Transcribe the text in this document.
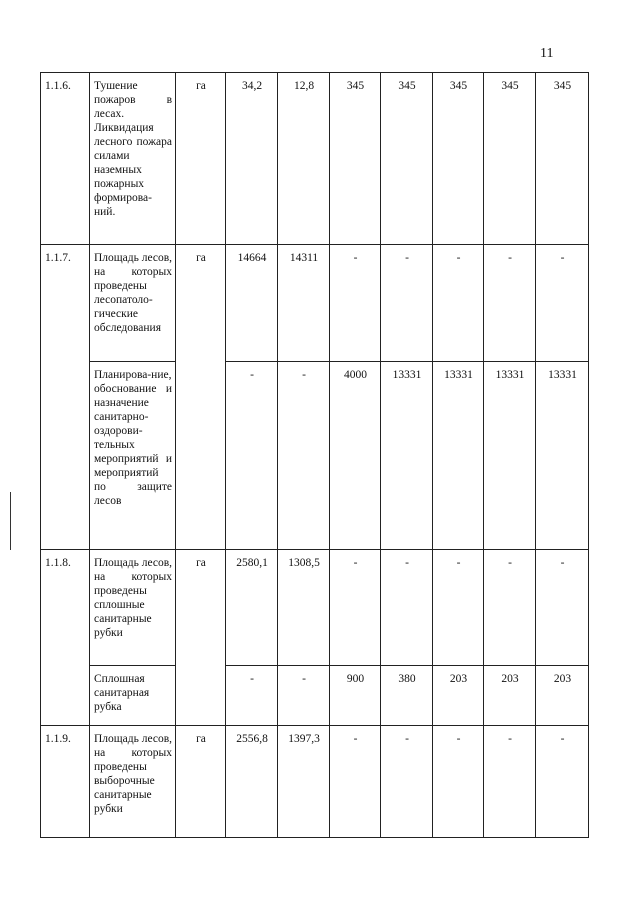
11
1.1.6.	Тушение пожаров в лесах. Ликвидация лесного пожара силами наземных пожарных формирова-ний.	га	34,2	12,8	345	345	345	345	345
1.1.7.	Площадь лесов, на которых проведены лесопатоло-гические обследования	га	14664	14311	-	-	-	-	-
	Планирова-ние, обоснование и назначение санитарно-оздорови-тельных мероприятий и мероприятий по защите лесов		-	-	4000	13331	13331	13331	13331
1.1.8.	Площадь лесов, на которых проведены сплошные санитарные рубки	га	2580,1	1308,5	-	-	-	-	-
	Сплошная санитарная рубка		-	-	900	380	203	203	203
1.1.9.	Площадь лесов, на которых проведены выборочные санитарные рубки	га	2556,8	1397,3	-	-	-	-	-
